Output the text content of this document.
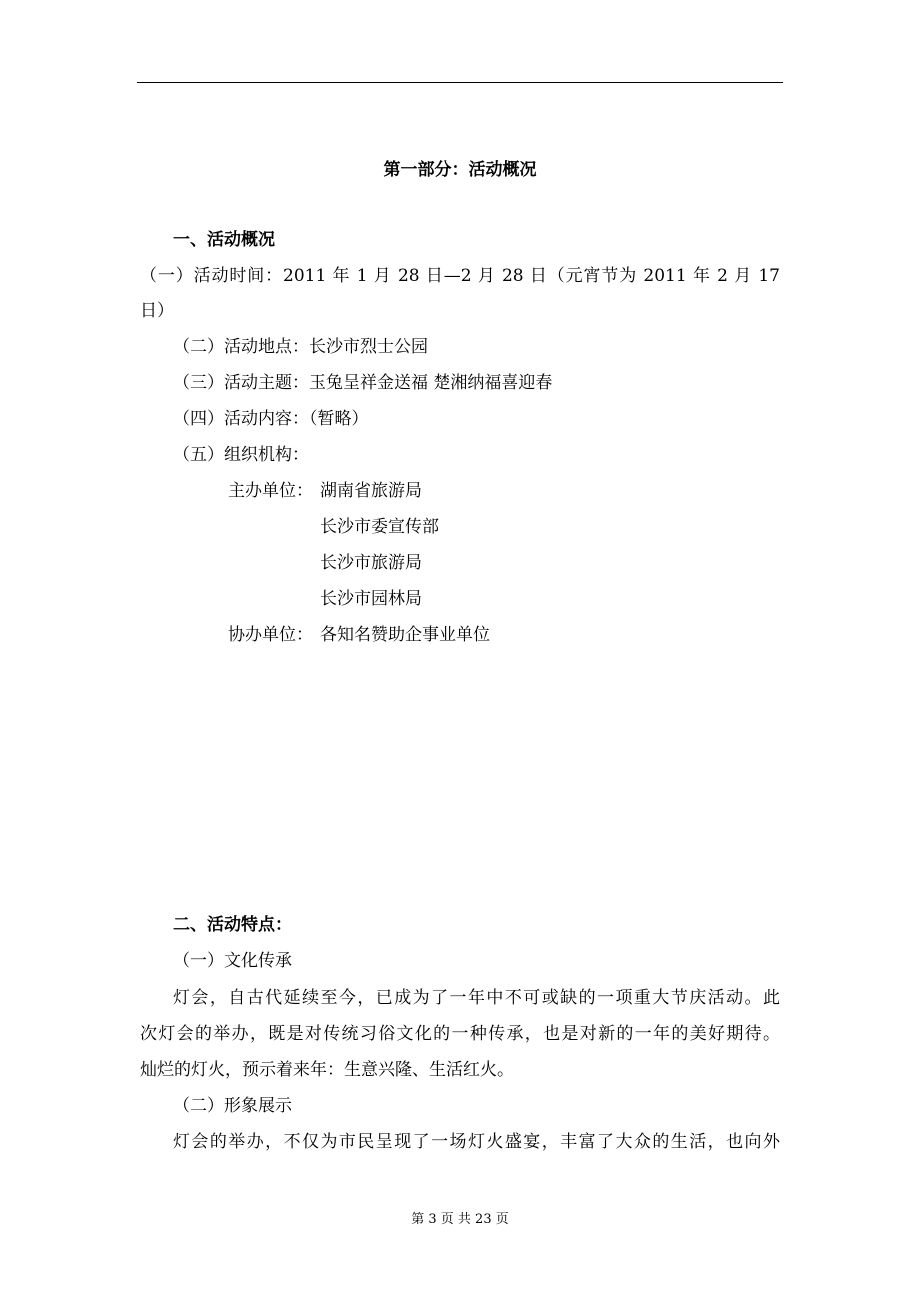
第一部分：活动概况
一、活动概况
（一）活动时间：2011 年 1 月 28 日—2 月 28 日（元宵节为 2011 年 2 月 17
日）
（二）活动地点：长沙市烈士公园
（三）活动主题：玉兔呈祥金送福 楚湘纳福喜迎春
（四）活动内容：（暂略）
（五）组织机构：
主办单位： 湖南省旅游局
长沙市委宣传部
长沙市旅游局
长沙市园林局
协办单位： 各知名赞助企事业单位
二、活动特点：
（一）文化传承
灯会，自古代延续至今，已成为了一年中不可或缺的一项重大节庆活动。此
次灯会的举办，既是对传统习俗文化的一种传承，也是对新的一年的美好期待。
灿烂的灯火，预示着来年：生意兴隆、生活红火。
（二）形象展示
灯会的举办，不仅为市民呈现了一场灯火盛宴，丰富了大众的生活，也向外
第 3 页 共 23 页
